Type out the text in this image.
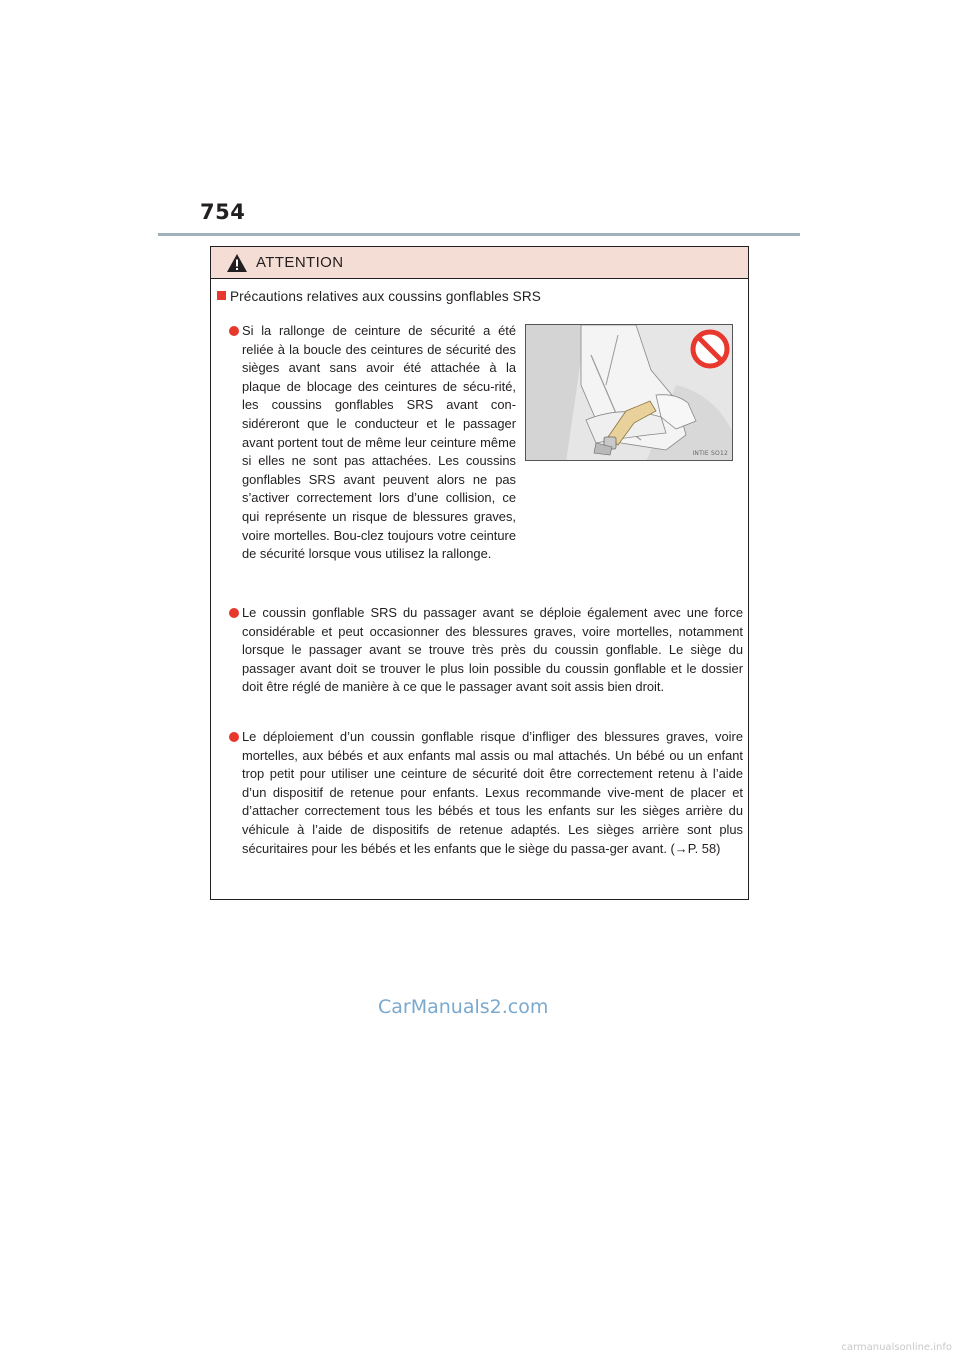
754
ATTENTION
Précautions relatives aux coussins gonflables SRS
Si la rallonge de ceinture de sécurité a été reliée à la boucle des ceintures de sécurité des sièges avant sans avoir été attachée à la plaque de blocage des ceintures de sécu-rité, les coussins gonflables SRS avant con-sidéreront que le conducteur et le passager avant portent tout de même leur ceinture même si elles ne sont pas attachées. Les coussins gonflables SRS avant peuvent alors ne pas s’activer correctement lors d’une collision, ce qui représente un risque de blessures graves, voire mortelles. Bou-clez toujours votre ceinture de sécurité lorsque vous utilisez la rallonge.
INTIE SO12
Le coussin gonflable SRS du passager avant se déploie également avec une force considérable et peut occasionner des blessures graves, voire mortelles, notamment lorsque le passager avant se trouve très près du coussin gonflable. Le siège du passager avant doit se trouver le plus loin possible du coussin gonflable et le dossier doit être réglé de manière à ce que le passager avant soit assis bien droit.
Le déploiement d’un coussin gonflable risque d’infliger des blessures graves, voire mortelles, aux bébés et aux enfants mal assis ou mal attachés. Un bébé ou un enfant trop petit pour utiliser une ceinture de sécurité doit être correctement retenu à l’aide d’un dispositif de retenue pour enfants. Lexus recommande vive-ment de placer et d’attacher correctement tous les bébés et tous les enfants sur les sièges arrière du véhicule à l’aide de dispositifs de retenue adaptés. Les sièges arrière sont plus sécuritaires pour les bébés et les enfants que le siège du passa-ger avant. (→P. 58)
CarManuals2.com
carmanualsonline.info
